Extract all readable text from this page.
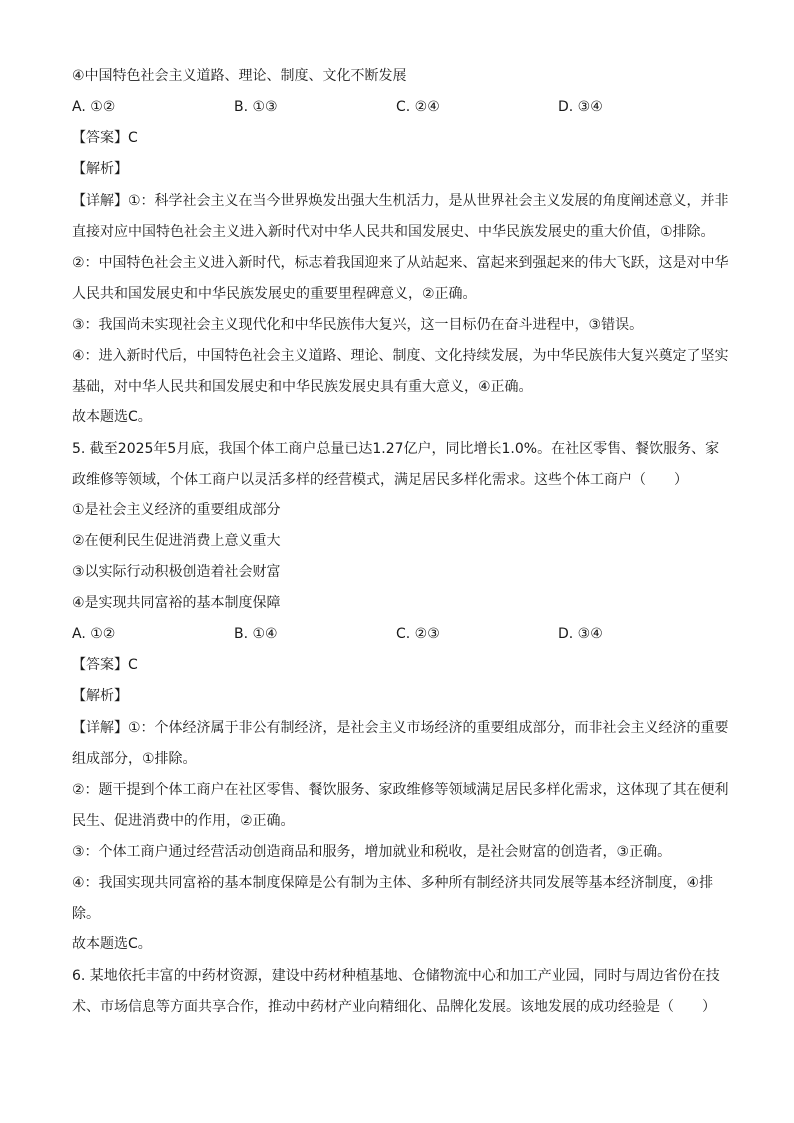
④中国特色社会主义道路、理论、制度、文化不断发展
A. ①②	B. ①③	C. ②④	D. ③④
【答案】C
【解析】
【详解】①：科学社会主义在当今世界焕发出强大生机活力，是从世界社会主义发展的角度阐述意义，并非直接对应中国特色社会主义进入新时代对中华人民共和国发展史、中华民族发展史的重大价值，①排除。
②：中国特色社会主义进入新时代，标志着我国迎来了从站起来、富起来到强起来的伟大飞跃，这是对中华人民共和国发展史和中华民族发展史的重要里程碑意义，②正确。
③：我国尚未实现社会主义现代化和中华民族伟大复兴，这一目标仍在奋斗进程中，③错误。
④：进入新时代后，中国特色社会主义道路、理论、制度、文化持续发展，为中华民族伟大复兴奠定了坚实基础，对中华人民共和国发展史和中华民族发展史具有重大意义，④正确。
故本题选C。
5. 截至2025年5月底，我国个体工商户总量已达1.27亿户，同比增长1.0%。在社区零售、餐饮服务、家政维修等领域，个体工商户以灵活多样的经营模式，满足居民多样化需求。这些个体工商户（　　）
①是社会主义经济的重要组成部分
②在便利民生促进消费上意义重大
③以实际行动积极创造着社会财富
④是实现共同富裕的基本制度保障
A. ①②	B. ①④	C. ②③	D. ③④
【答案】C
【解析】
【详解】①：个体经济属于非公有制经济，是社会主义市场经济的重要组成部分，而非社会主义经济的重要组成部分，①排除。
②：题干提到个体工商户在社区零售、餐饮服务、家政维修等领域满足居民多样化需求，这体现了其在便利民生、促进消费中的作用，②正确。
③：个体工商户通过经营活动创造商品和服务，增加就业和税收，是社会财富的创造者，③正确。
④：我国实现共同富裕的基本制度保障是公有制为主体、多种所有制经济共同发展等基本经济制度，④排除。
故本题选C。
6. 某地依托丰富的中药材资源，建设中药材种植基地、仓储物流中心和加工产业园，同时与周边省份在技术、市场信息等方面共享合作，推动中药材产业向精细化、品牌化发展。该地发展的成功经验是（　　）
